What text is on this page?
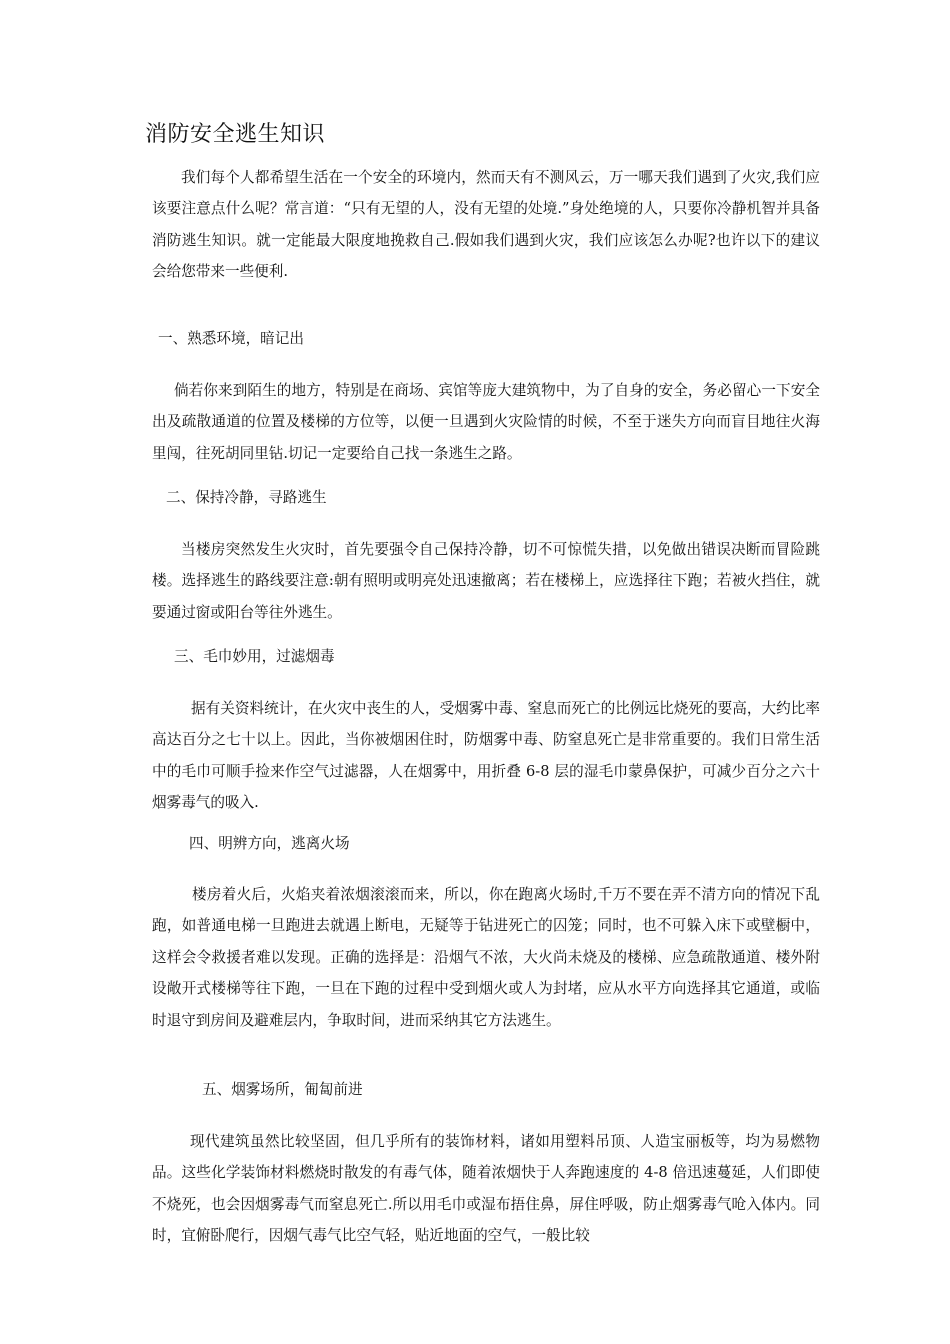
消防安全逃生知识

我们每个人都希望生活在一个安全的环境内，然而天有不测风云，万一哪天我们遇到了火灾,我们应该要注意点什么呢？常言道：“只有无望的人，没有无望的处境.”身处绝境的人，只要你冷静机智并具备消防逃生知识。就一定能最大限度地挽救自己.假如我们遇到火灾，我们应该怎么办呢?也许以下的建议会给您带来一些便利.

一、熟悉环境，暗记出

倘若你来到陌生的地方，特别是在商场、宾馆等庞大建筑物中，为了自身的安全，务必留心一下安全出及疏散通道的位置及楼梯的方位等，以便一旦遇到火灾险情的时候，不至于迷失方向而盲目地往火海里闯，往死胡同里钻.切记一定要给自己找一条逃生之路。

二、保持冷静，寻路逃生

当楼房突然发生火灾时，首先要强令自己保持冷静，切不可惊慌失措，以免做出错误决断而冒险跳楼。选择逃生的路线要注意:朝有照明或明亮处迅速撤离；若在楼梯上，应选择往下跑；若被火挡住，就要通过窗或阳台等往外逃生。

三、毛巾妙用，过滤烟毒

据有关资料统计，在火灾中丧生的人，受烟雾中毒、窒息而死亡的比例远比烧死的要高，大约比率高达百分之七十以上。因此，当你被烟困住时，防烟雾中毒、防窒息死亡是非常重要的。我们日常生活中的毛巾可顺手捡来作空气过滤器，人在烟雾中，用折叠 6-8 层的湿毛巾蒙鼻保护，可减少百分之六十烟雾毒气的吸入.

四、明辨方向，逃离火场

楼房着火后，火焰夹着浓烟滚滚而来，所以，你在跑离火场时,千万不要在弄不清方向的情况下乱跑，如普通电梯一旦跑进去就遇上断电，无疑等于钻进死亡的囚笼；同时，也不可躲入床下或壁橱中，这样会令救援者难以发现。正确的选择是：沿烟气不浓，大火尚未烧及的楼梯、应急疏散通道、楼外附设敞开式楼梯等往下跑，一旦在下跑的过程中受到烟火或人为封堵，应从水平方向选择其它通道，或临时退守到房间及避难层内，争取时间，进而采纳其它方法逃生。

五、烟雾场所，匍匐前进

现代建筑虽然比较坚固，但几乎所有的装饰材料，诸如用塑料吊顶、人造宝丽板等，均为易燃物品。这些化学装饰材料燃烧时散发的有毒气体，随着浓烟快于人奔跑速度的 4-8 倍迅速蔓延，人们即使不烧死，也会因烟雾毒气而窒息死亡.所以用毛巾或湿布捂住鼻，屏住呼吸，防止烟雾毒气呛入体内。同时，宜俯卧爬行，因烟气毒气比空气轻，贴近地面的空气，一般比较
